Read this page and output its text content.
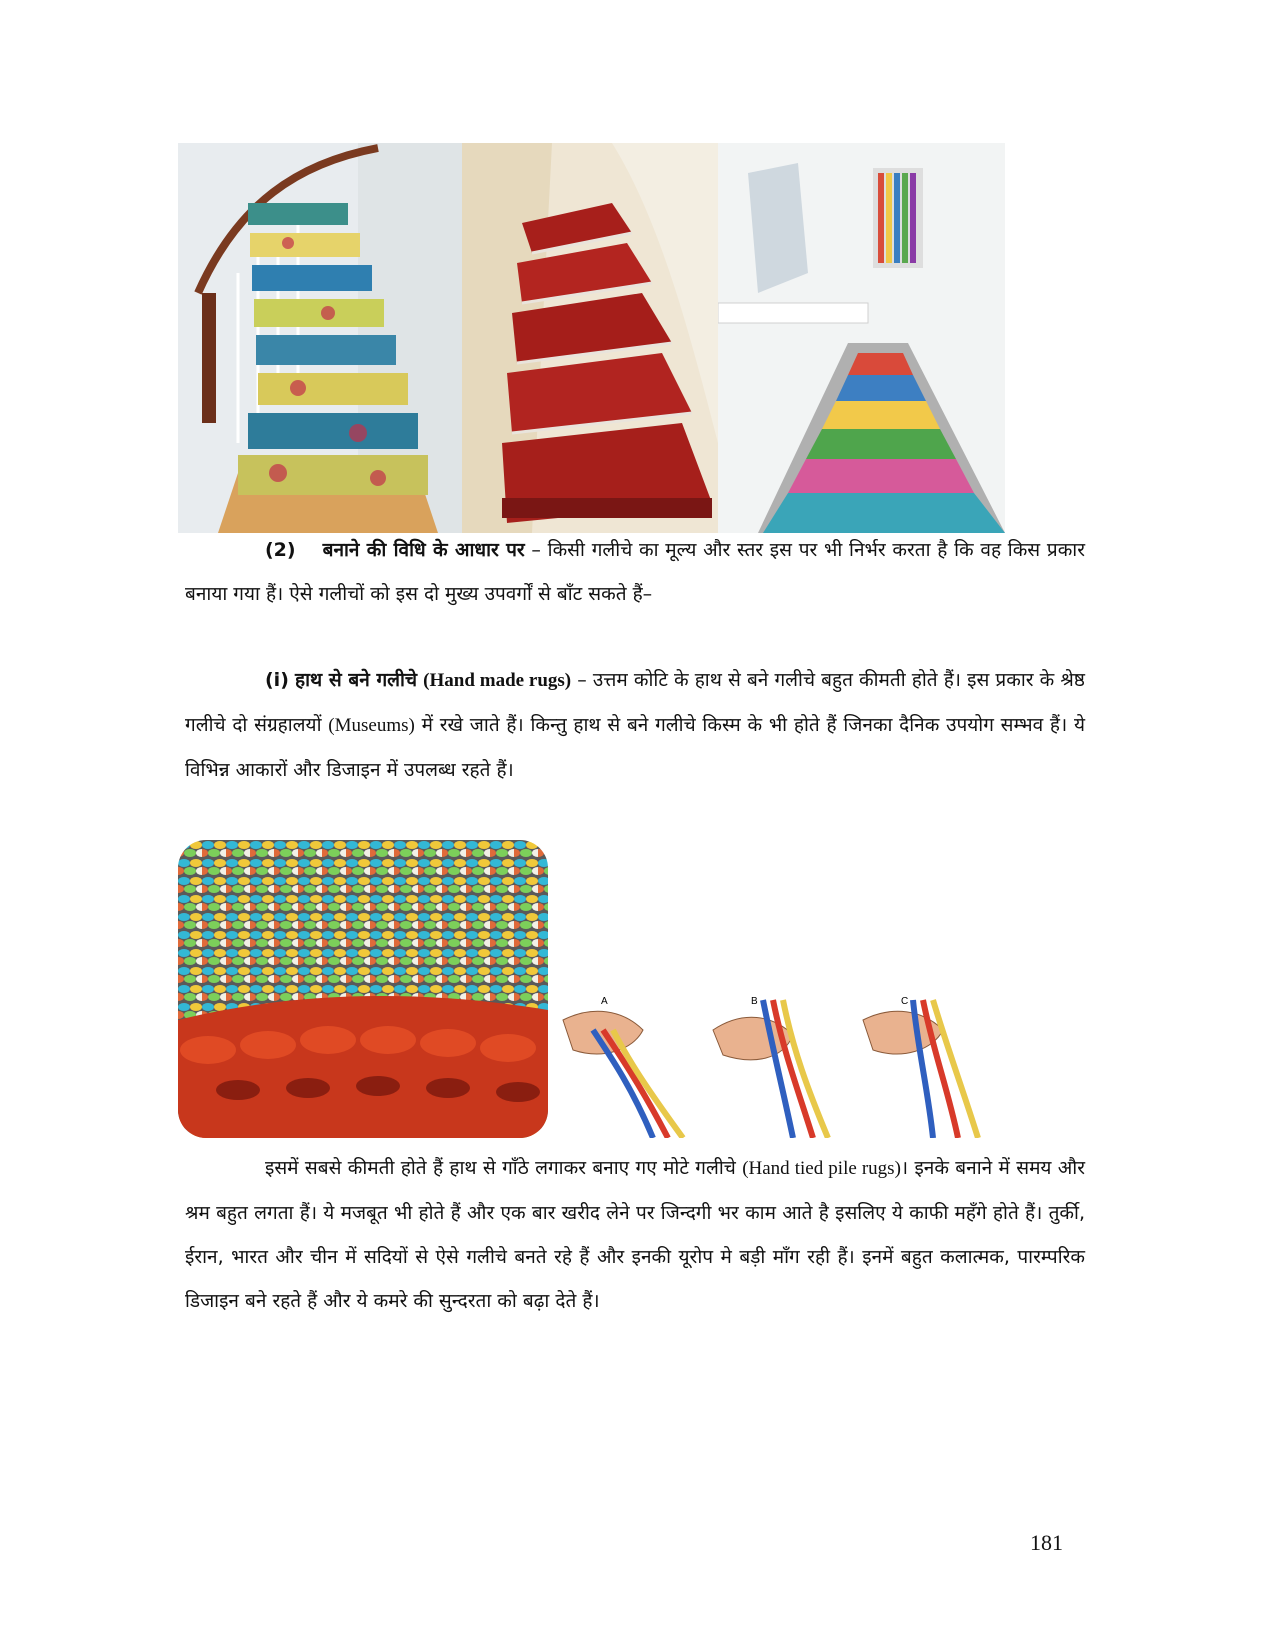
(2) बनाने की विधि के आधार पर – किसी गलीचे का मूल्य और स्तर इस पर भी निर्भर करता है कि वह किस प्रकार बनाया गया हैं। ऐसे गलीचों को इस दो मुख्य उपवर्गों से बाँट सकते हैं–
(i) हाथ से बने गलीचे (Hand made rugs) – उत्तम कोटि के हाथ से बने गलीचे बहुत कीमती होते हैं। इस प्रकार के श्रेष्ठ गलीचे दो संग्रहालयों (Museums) में रखे जाते हैं। किन्तु हाथ से बने गलीचे किस्म के भी होते हैं जिनका दैनिक उपयोग सम्भव हैं। ये विभिन्न आकारों और डिजाइन में उपलब्ध रहते हैं।
A	B	C
इसमें सबसे कीमती होते हैं हाथ से गाँठे लगाकर बनाए गए मोटे गलीचे (Hand tied pile rugs)। इनके बनाने में समय और श्रम बहुत लगता हैं। ये मजबूत भी होते हैं और एक बार खरीद लेने पर जिन्दगी भर काम आते है इसलिए ये काफी महँगे होते हैं। तुर्की, ईरान, भारत और चीन में सदियों से ऐसे गलीचे बनते रहे हैं और इनकी यूरोप मे बड़ी माँग रही हैं। इनमें बहुत कलात्मक, पारम्परिक डिजाइन बने रहते हैं और ये कमरे की सुन्दरता को बढ़ा देते हैं।
181
